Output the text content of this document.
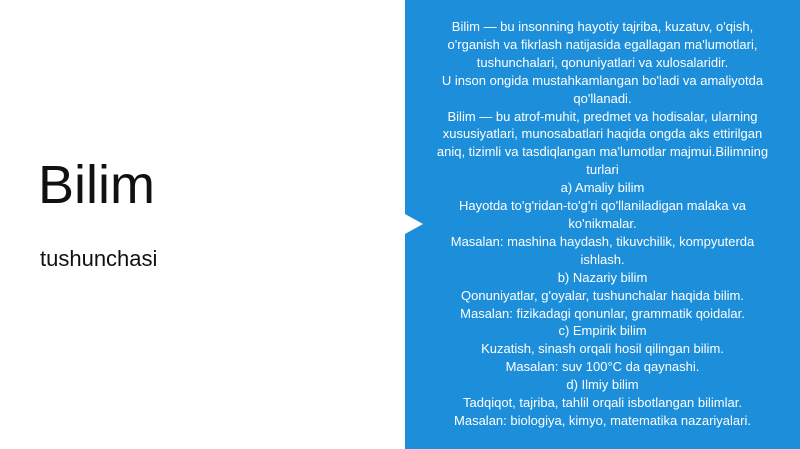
Bilim
tushunchasi
Bilim — bu insonning hayotiy tajriba, kuzatuv, o'qish,
o'rganish va fikrlash natijasida egallagan ma'lumotlari,
tushunchalari, qonuniyatlari va xulosalaridir.
U inson ongida mustahkamlangan bo'ladi va amaliyotda
qo'llanadi.
Bilim — bu atrof-muhit, predmet va hodisalar, ularning
xususiyatlari, munosabatlari haqida ongda aks ettirilgan
aniq, tizimli va tasdiqlangan ma'lumotlar majmui.Bilimning
turlari
a) Amaliy bilim
Hayotda to'g'ridan-to'g'ri qo'llaniladigan malaka va
ko'nikmalar.
Masalan: mashina haydash, tikuvchilik, kompyuterda
ishlash.
b) Nazariy bilim
Qonuniyatlar, g'oyalar, tushunchalar haqida bilim.
Masalan: fizikadagi qonunlar, grammatik qoidalar.
c) Empirik bilim
Kuzatish, sinash orqali hosil qilingan bilim.
Masalan: suv 100°C da qaynashi.
d) Ilmiy bilim
Tadqiqot, tajriba, tahlil orqali isbotlangan bilimlar.
Masalan: biologiya, kimyo, matematika nazariyalari.
